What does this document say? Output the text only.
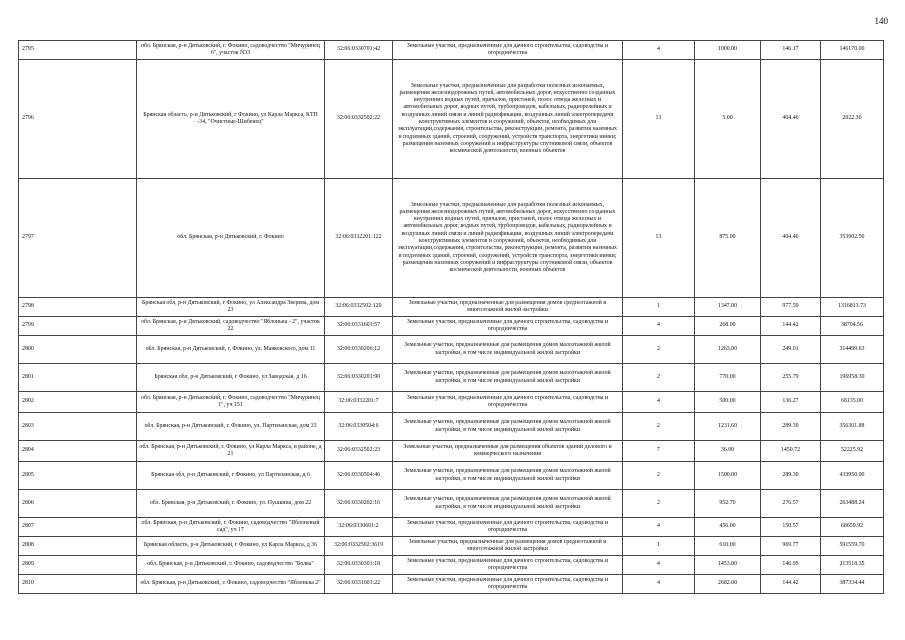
140
2795	обл. Брянская, р-н Дятьковский, г. Фокино, садоводчество "Мичуринец 6", участок N33	32:06:0330701:42	Земельные участки, предназначенные для дачного строительства, садоводства и огородничества	4	1000.00	146.17	146170.00
2796	Брянская область, р-н Дятьковский, г Фокино, ул Карла Маркса, КТП -34, "Очистные-Шибенец"	32:06:0332502:22	Земельные участки, предназначенные для разработки полезных ископаемых, размещения железнодорожных путей, автомобильных дорог, искусственно созданных внутренних водных путей, причалов, пристаней, полос отвода железных и автомобильных дорог, водных путей, трубопроводов, кабельных, радиорелейных и воздушных линий связи и линий радиофикации, воздушных линий электропередачи конструктивных элементов и сооружений, объектов, необходимых для эксплуатации,содержания, строительства, реконструкции, ремонта, развития наземных и подземных зданий, строений, сооружений, устройств транспорта, энергетики иинки; размещения наземных сооружений и инфраструктуры спутниковой связи, объектов космической деятельности, военных объектов	13	5.00	404.46	2022.30
2797	обл. Брянская, р-н Дятьковский, г. Фокино	32:06:0332201:122	Земельные участки, предназначенные для разработки полезных ископаемых, размещения железнодорожных путей, автомобильных дорог, искусственно созданных внутренних водных путей, причалов, пристаней, полос отвода железных и автомобильных дорог, водных путей, трубопроводов, кабельных, радиорелейных и воздушных линий связи и линий радиофикации, воздушных линий электропередачи конструктивных элементов и сооружений, объектов, необходимых для эксплуатации,содержания, строительства, реконструкции, ремонта, развития наземных и подземных зданий, строений, сооружений, устройств транспорта, энергетики иинки; размещения наземных сооружений и инфраструктуры спутниковой связи, объектов космической деятельности, военных объектов	13	875.00	404.46	353902.50
2798	Брянская обл, р-н Дятьковский, г Фокино, ул Александра Зверева, дом 23	32:06:0332502:120	Земельные участки, предназначенные для размещения домов среднеэтажной и многоэтажной жилой застройки	1	1347.00	977.59	1316813.73
2799	обл. Брянская, р-н Дятьковский, садоводчество "Яблонька - 2", участок 22	32:06:0331601:57	Земельные участки, предназначенные для дачного строительства, садоводства и огородничества	4	268.00	144.42	38704.56
2800	обл. Брянская, р-н Дятьковский, г. Фокино, ул. Маяковского, дом 11	32:06:0330206:12	Земельные участки, предназначенные для размещения домов малоэтажной жилой застройки, в том числе индивидуальной жилой застройки	2	1263.00	249.01	314499.63
2801	Брянская обл, р-н Дятьковский, г Фокино, ул Заводская, д 16	32:06:0330201:90	Земельные участки, предназначенные для размещения домов малоэтажной жилой застройки, в том числе индивидуальной жилой застройки	2	770.00	255.79	196958.30
2802	обл. Брянская, р-н Дятьковский, г. Фокино, садоводчество "Мичуринец 1", уч 151	32:06:0332201:7	Земельные участки, предназначенные для дачного строительства, садоводства и огородничества	4	500.00	136.27	68135.00
2803	обл. Брянская, р-н Дятьковский, г. Фокино, ул. Партизанская, дом 33	32:06:0330504:6	Земельные участки, предназначенные для размещения домов малоэтажной жилой застройки, в том числе индивидуальной жилой застройки	2	1231.60	289.30	356301.88
2804	обл. Брянская, р-н Дятьковский, г. Фокино, ул Карла Маркса, в районе, д 21	32:06:0332502:23	Земельные участки, предназначенные для размещения объектов зданий делового и коммерческого назначения	7	36.00	1450.72	52225.92
2805	Брянская обл, р-н Дятьковский, г Фокино, ул Партизанская, д 6	32:06:0330504:46	Земельные участки, предназначенные для размещения домов малоэтажной жилой застройки, в том числе индивидуальной жилой застройки	2	1500.00	289.30	433950.00
2806	обл. Брянская, р-н Дятьковский, г. Фокино, ул. Пушкина, дом 22	32:06:0330202:16	Земельные участки, предназначенные для размещения домов малоэтажной жилой застройки, в том числе индивидуальной жилой застройки	2	952.70	276.57	263488.24
2807	обл. Брянская, р-н Дятьковский, г. Фокино, садоводчество "Яблоневый сад", уч 17	32:06:0330601:2	Земельные участки, предназначенные для дачного строительства, садоводства и огородничества	4	456.00	150.57	68659.92
2808	Брянская область, р-н Дятьковский, г Фокино, ул Карла Маркса, д 36	32:06:0332502:3619	Земельные участки, предназначенные для размещения домов среднеэтажной и многоэтажной жилой застройки	1	610.00	969.77	591559.70
2809	обл. Брянская, р-н Дятьковский, г. Фокино, садоводчество "Болва"	32:06:0330301:18	Земельные участки, предназначенные для дачного строительства, садоводства и огородничества	4	1453.00	146.95	213518.35
2810	обл. Брянская, р-н Дятьковский, г. Фокино, садоводчество "Яблонька 2"	32:06:0331601:22	Земельные участки, предназначенные для дачного строительства, садоводства и огородничества	4	2682.00	144.42	387334.44
